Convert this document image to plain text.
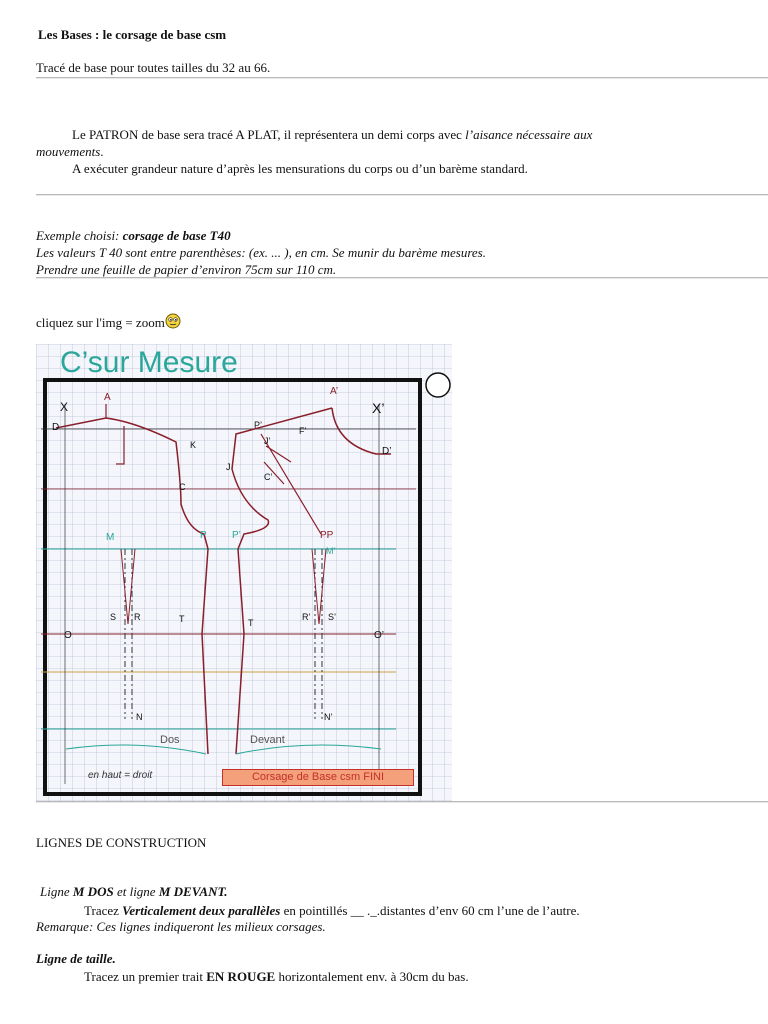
Les Bases : le corsage de base csm
Tracé de base pour toutes tailles du 32 au 66.
Le PATRON de base sera tracé A PLAT, il représentera un demi corps avec l’aisance nécessaire aux
mouvements.
A exécuter grandeur nature d’après les mensurations du corps ou d’un barème standard.
Exemple choisi: corsage de base T40
Les valeurs T 40 sont entre parenthèses: (ex. ... ), en cm. Se munir du barème mesures.
Prendre une feuille de papier d’environ 75cm sur 110 cm.
cliquez sur l'img = zoom
C’sur Mesure
X	X’
A
A’
D
D’
K
C
C’
F’
P’
J’
J
M	P	P’	PP
M’
S R	T	T
R’ S’
O	O’
N	N’
Dos	Devant
en haut = droit	Corsage de Base csm FINI
LIGNES DE CONSTRUCTION
Ligne M DOS et ligne M DEVANT.
Tracez Verticalement deux parallèles en pointillés __ ._.distantes d’env 60 cm l’une de l’autre.
Remarque: Ces lignes indiqueront les milieux corsages.
Ligne de taille.
Tracez un premier trait EN ROUGE horizontalement env. à 30cm du bas.
